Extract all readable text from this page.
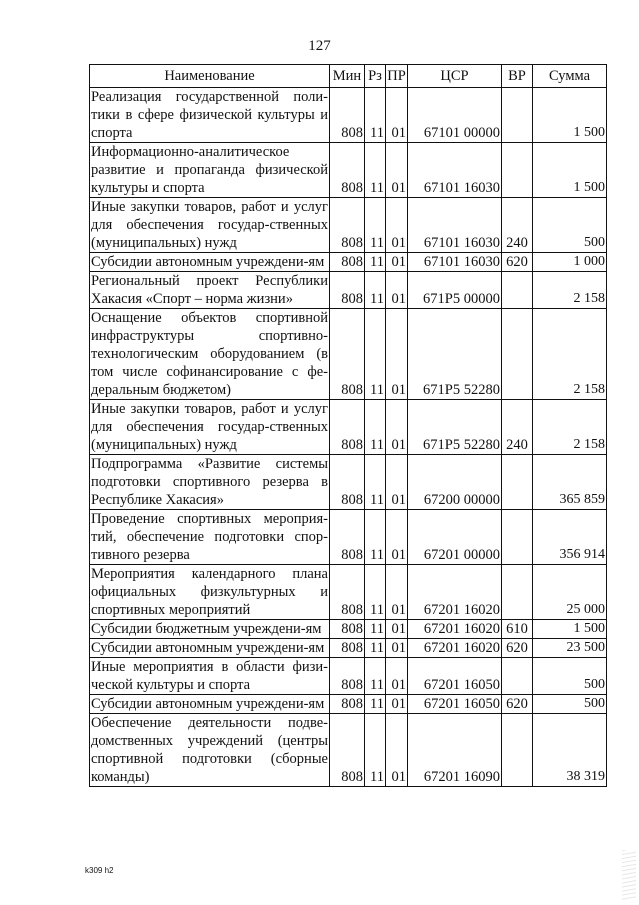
127
Наименование	Мин	Рз	ПР	ЦСР	ВР	Сумма
Реализация государственной поли-тики в сфере физической культуры и спорта	808	11	01	67101 00000		1 500
Информационно-аналитическое развитие и пропаганда физической культуры и спорта	808	11	01	67101 16030		1 500
Иные закупки товаров, работ и услуг для обеспечения государ-ственных (муниципальных) нужд	808	11	01	67101 16030	240	500
Субсидии автономным учреждени-ям	808	11	01	67101 16030	620	1 000
Региональный проект Республики Хакасия «Спорт – норма жизни»	808	11	01	671P5 00000		2 158
Оснащение объектов спортивной инфраструктуры спортивно-технологическим оборудованием (в том числе софинансирование с фе-деральным бюджетом)	808	11	01	671P5 52280		2 158
Иные закупки товаров, работ и услуг для обеспечения государ-ственных (муниципальных) нужд	808	11	01	671P5 52280	240	2 158
Подпрограмма «Развитие системы подготовки спортивного резерва в Республике Хакасия»	808	11	01	67200 00000		365 859
Проведение спортивных мероприя-тий, обеспечение подготовки спор-тивного резерва	808	11	01	67201 00000		356 914
Мероприятия календарного плана официальных физкультурных и спортивных мероприятий	808	11	01	67201 16020		25 000
Субсидии бюджетным учреждени-ям	808	11	01	67201 16020	610	1 500
Субсидии автономным учреждени-ям	808	11	01	67201 16020	620	23 500
Иные мероприятия в области физи-ческой культуры и спорта	808	11	01	67201 16050		500
Субсидии автономным учреждени-ям	808	11	01	67201 16050	620	500
Обеспечение деятельности подве-домственных учреждений (центры спортивной подготовки (сборные команды)	808	11	01	67201 16090		38 319
k309 h2
